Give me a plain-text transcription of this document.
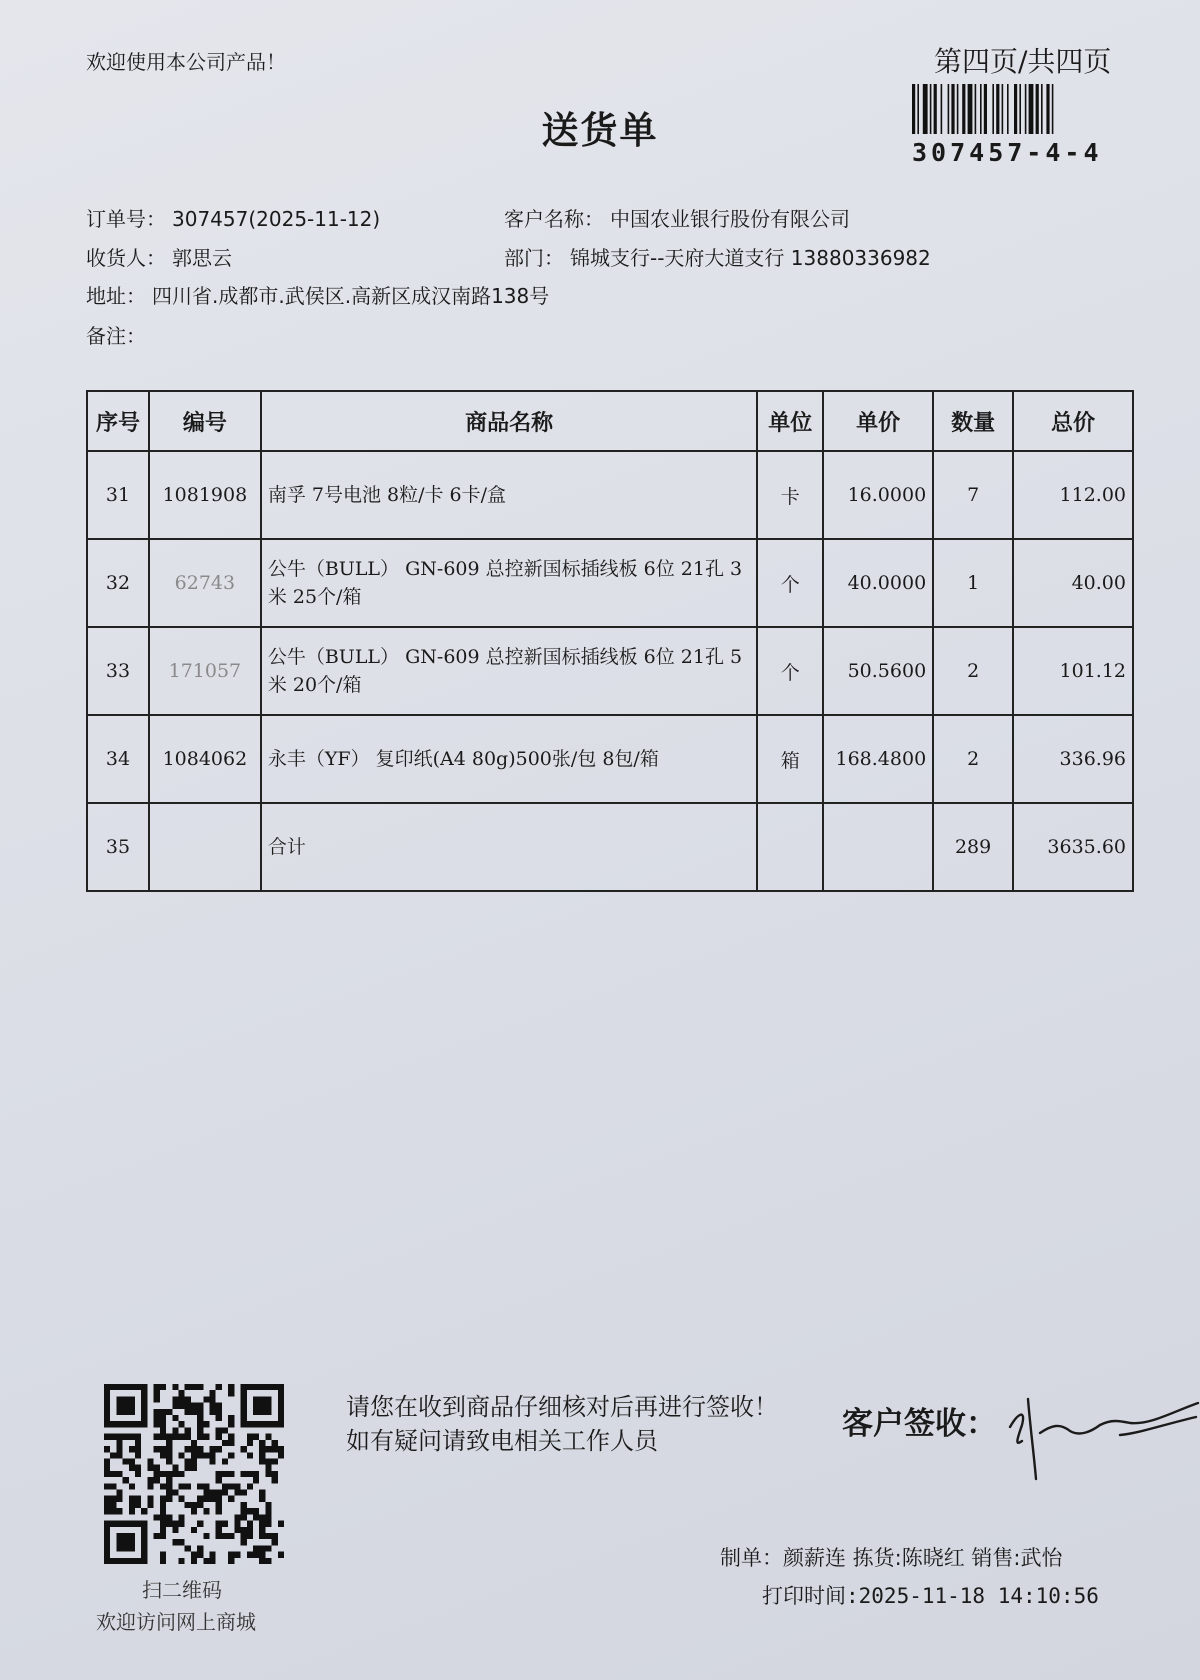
欢迎使用本公司产品！	第四页/共四页
307457-4-4
送货单
订单号： 307457(2025-11-12)	客户名称： 中国农业银行股份有限公司
收货人： 郭思云	部门： 锦城支行--天府大道支行 13880336982
地址： 四川省.成都市.武侯区.高新区成汉南路138号
备注：
序号	编号	商品名称	单位	单价	数量	总价
31	1081908	南孚 7号电池 8粒/卡 6卡/盒	卡	16.0000	7	112.00
32	62743	公牛（BULL） GN-609 总控新国标插线板 6位 21孔 3米 25个/箱	个	40.0000	1	40.00
33	171057	公牛（BULL） GN-609 总控新国标插线板 6位 21孔 5米 20个/箱	个	50.5600	2	101.12
34	1084062	永丰（YF） 复印纸(A4 80g)500张/包 8包/箱	箱	168.4800	2	336.96
35		合计			289	3635.60
扫二维码
欢迎访问网上商城
请您在收到商品仔细核对后再进行签收！如有疑问请致电相关工作人员	客户签收：
制单：颜薪连 拣货:陈晓红 销售:武怡
打印时间:2025-11-18 14:10:56
